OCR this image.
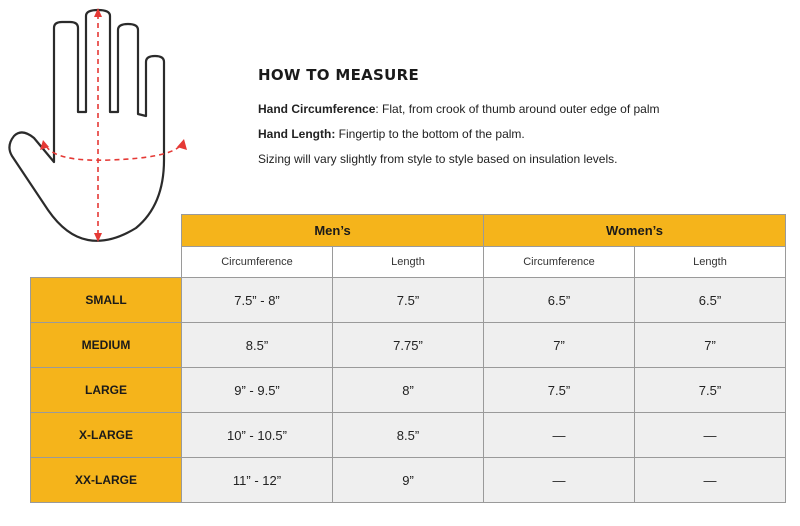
HOW TO MEASURE

Hand Circumference: Flat, from crook of thumb around outer edge of palm

Hand Length: Fingertip to the bottom of the palm.

Sizing will vary slightly from style to style based on insulation levels.

	Men’s		Women’s	
	Circumference	Length	Circumference	Length
SMALL	7.5” - 8”	7.5”	6.5”	6.5”
MEDIUM	8.5”	7.75”	7”	7”
LARGE	9” - 9.5”	8”	7.5”	7.5”
X-LARGE	10” - 10.5”	8.5”	—	—
XX-LARGE	11” - 12”	9”	—	—
